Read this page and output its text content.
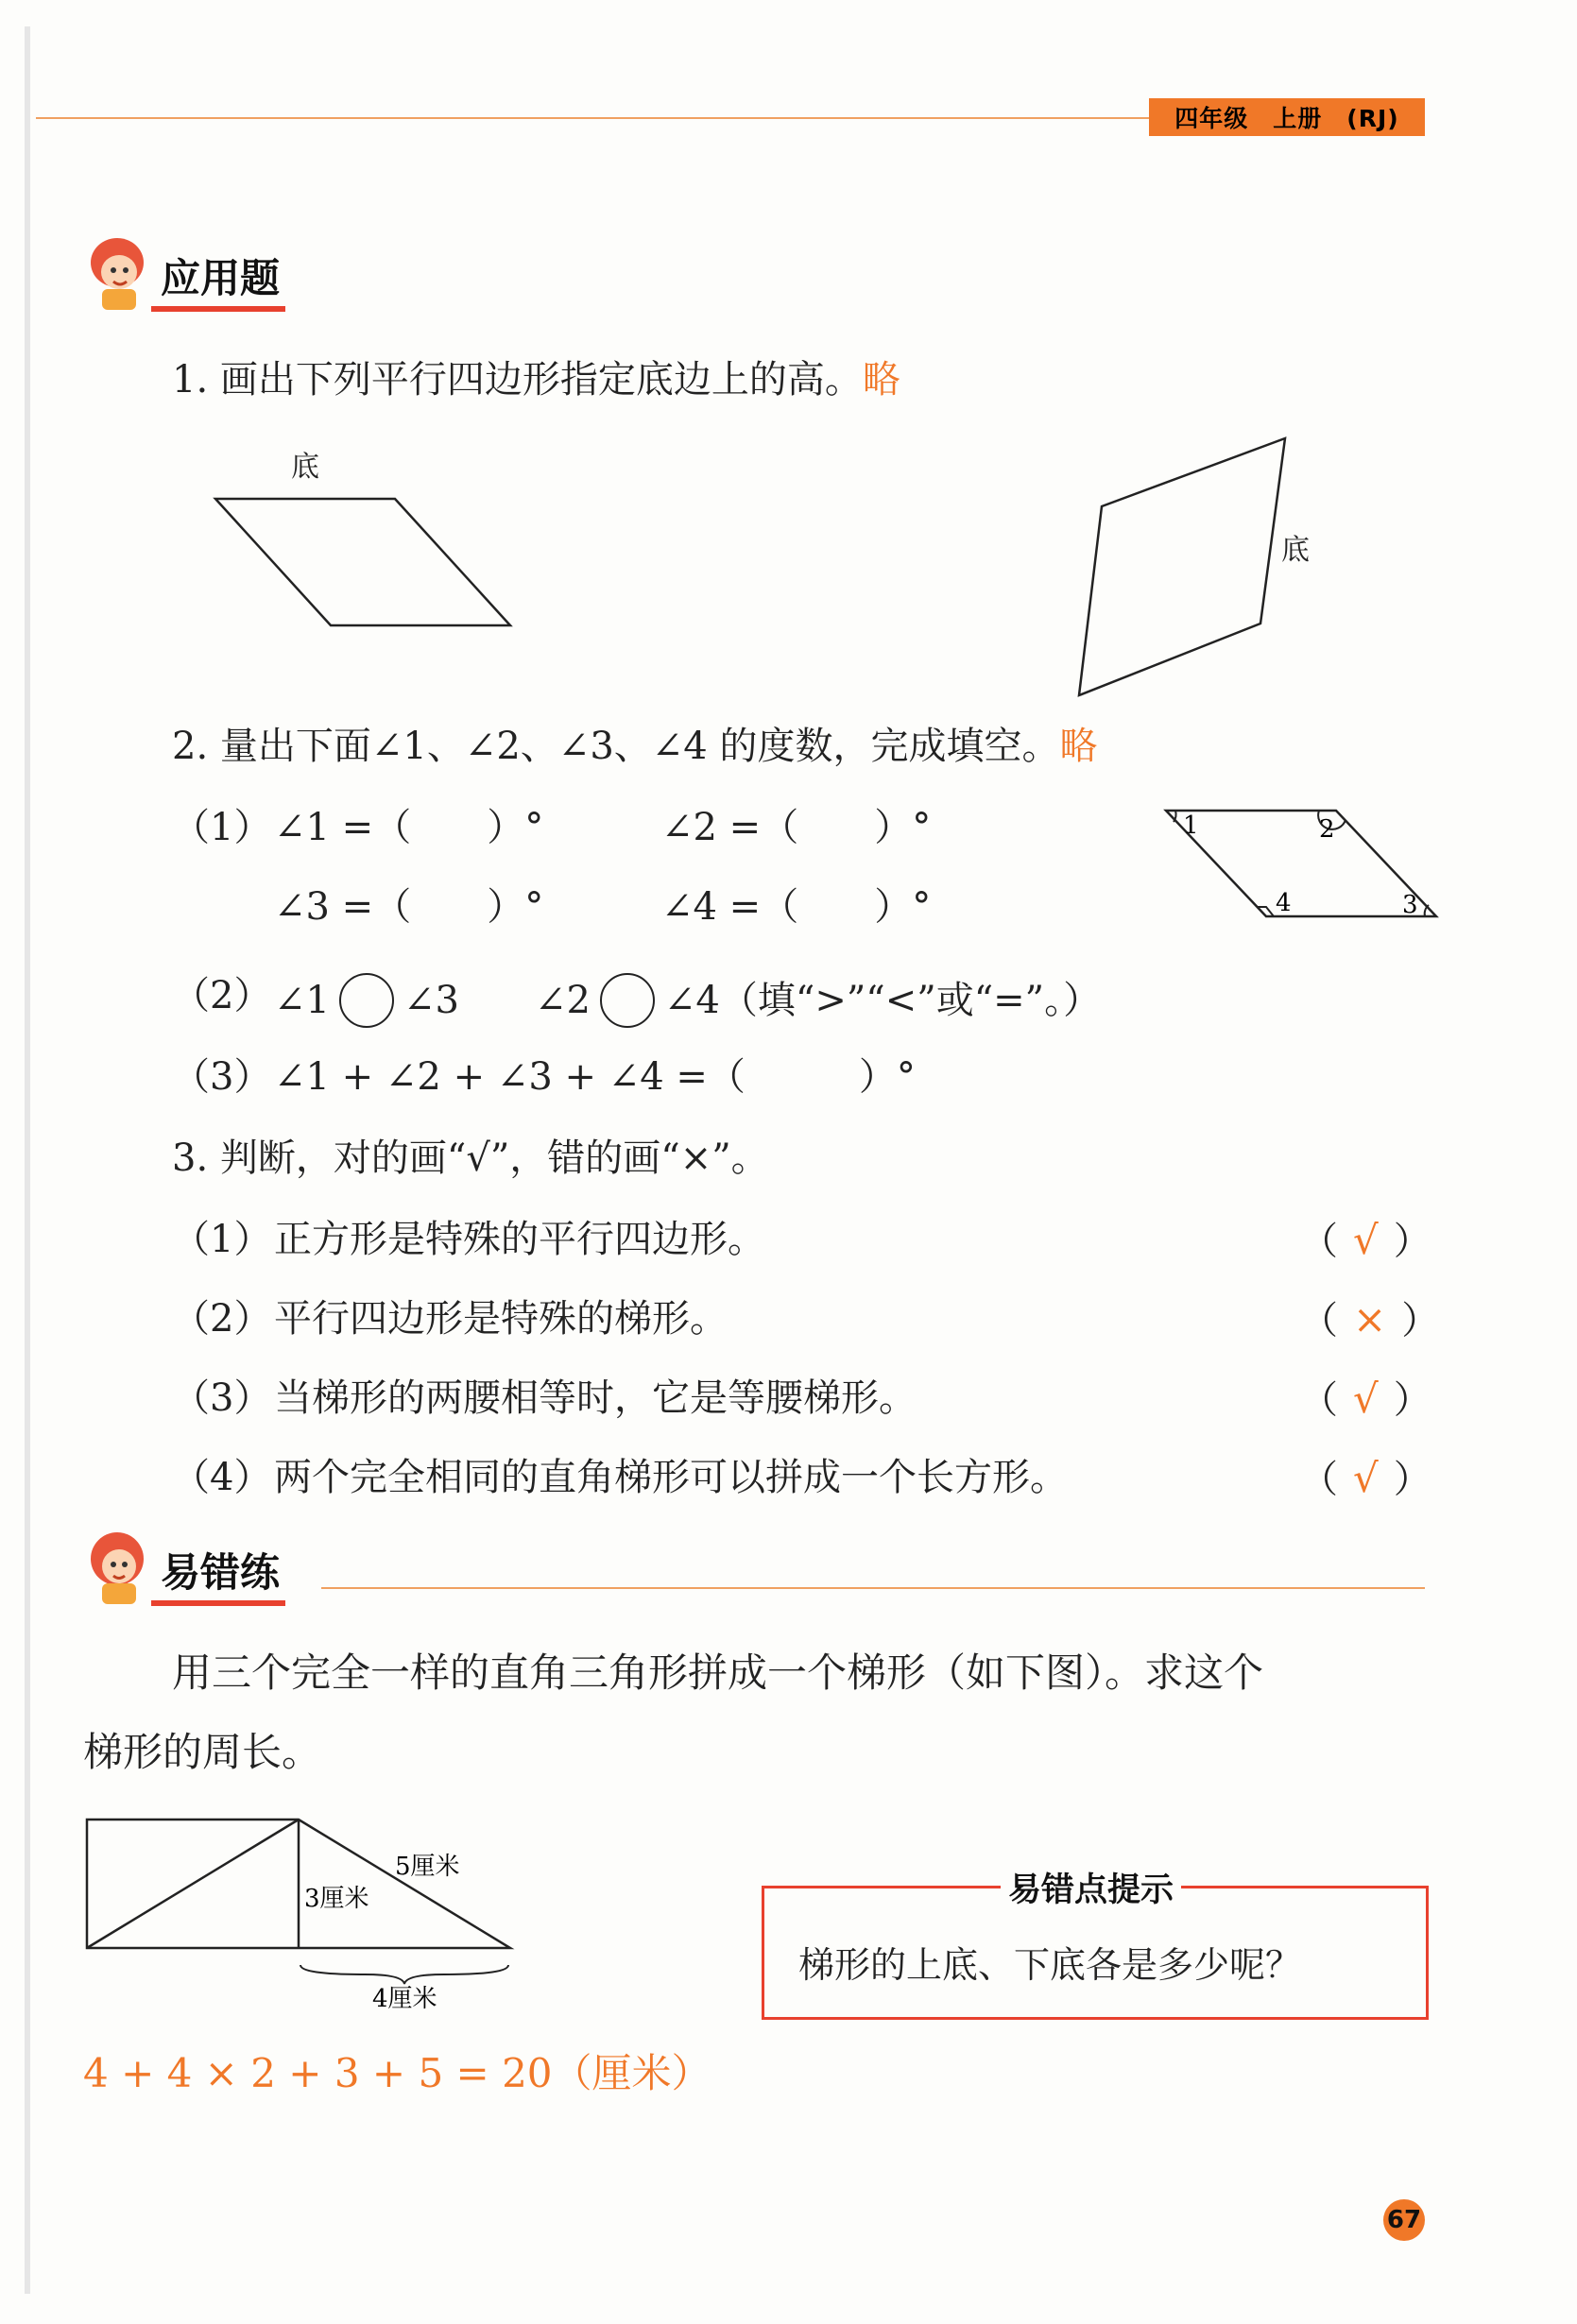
四年级　上册　(RJ)
应用题
1. 画出下列平行四边形指定底边上的高。略
底
底
2. 量出下面∠1、∠2、∠3、∠4 的度数，完成填空。略
（1） ∠1 =（　　）°	∠2 =（　　）°
∠3 =（　　）°	∠4 =（　　）°
1	2
3
4
（2） ∠1 ∠3 ∠2 ∠4（填“>”“<”或“=”。）
（3） ∠1 + ∠2 + ∠3 + ∠4 =（　　　）°
3. 判断，对的画“√”，错的画“×”。
（1） 正方形是特殊的平行四边形。	（ √ ）
（2） 平行四边形是特殊的梯形。	（ × ）
（3） 当梯形的两腰相等时，它是等腰梯形。	（ √ ）
（4） 两个完全相同的直角梯形可以拼成一个长方形。	（ √ ）
易错练
用三个完全一样的直角三角形拼成一个梯形（如下图）。求这个
梯形的周长。
5厘米
3厘米
4厘米
易错点提示
梯形的上底、下底各是多少呢？
4 + 4 × 2 + 3 + 5 = 20（厘米）
67
